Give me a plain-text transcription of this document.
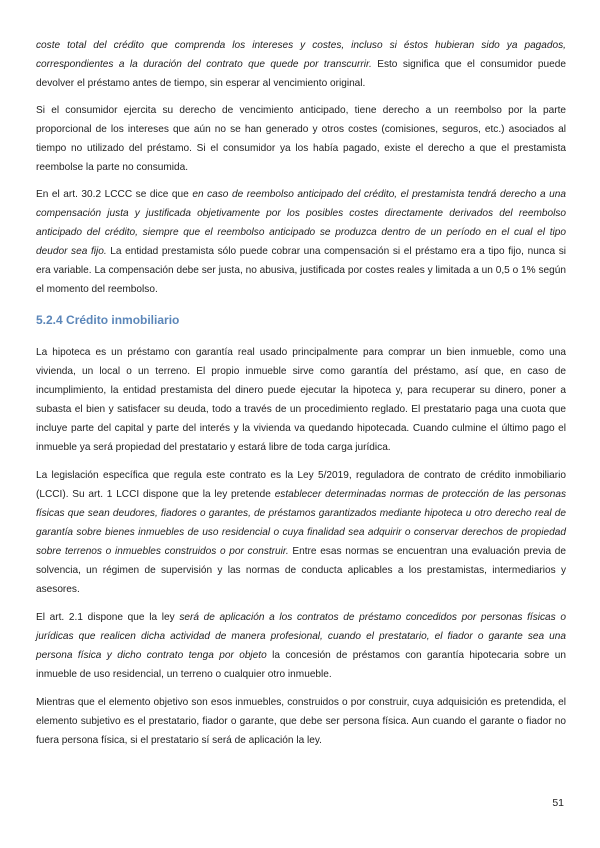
coste total del crédito que comprenda los intereses y costes, incluso si éstos hubieran sido ya pagados, correspondientes a la duración del contrato que quede por transcurrir. Esto significa que el consumidor puede devolver el préstamo antes de tiempo, sin esperar al vencimiento original.

Si el consumidor ejercita su derecho de vencimiento anticipado, tiene derecho a un reembolso por la parte proporcional de los intereses que aún no se han generado y otros costes (comisiones, seguros, etc.) asociados al tiempo no utilizado del préstamo. Si el consumidor ya los había pagado, existe el derecho a que el prestamista reembolse la parte no consumida.

En el art. 30.2 LCCC se dice que en caso de reembolso anticipado del crédito, el prestamista tendrá derecho a una compensación justa y justificada objetivamente por los posibles costes directamente derivados del reembolso anticipado del crédito, siempre que el reembolso anticipado se produzca dentro de un período en el cual el tipo deudor sea fijo. La entidad prestamista sólo puede cobrar una compensación si el préstamo era a tipo fijo, nunca si era variable. La compensación debe ser justa, no abusiva, justificada por costes reales y limitada a un 0,5 o 1% según el momento del reembolso.

5.2.4 Crédito inmobiliario

La hipoteca es un préstamo con garantía real usado principalmente para comprar un bien inmueble, como una vivienda, un local o un terreno. El propio inmueble sirve como garantía del préstamo, así que, en caso de incumplimiento, la entidad prestamista del dinero puede ejecutar la hipoteca y, para recuperar su dinero, poner a subasta el bien y satisfacer su deuda, todo a través de un procedimiento reglado. El prestatario paga una cuota que incluye parte del capital y parte del interés y la vivienda va quedando hipotecada. Cuando culmine el último pago el inmueble ya será propiedad del prestatario y estará libre de toda carga jurídica.

La legislación específica que regula este contrato es la Ley 5/2019, reguladora de contrato de crédito inmobiliario (LCCI). Su art. 1 LCCI dispone que la ley pretende establecer determinadas normas de protección de las personas físicas que sean deudores, fiadores o garantes, de préstamos garantizados mediante hipoteca u otro derecho real de garantía sobre bienes inmuebles de uso residencial o cuya finalidad sea adquirir o conservar derechos de propiedad sobre terrenos o inmuebles construidos o por construir. Entre esas normas se encuentran una evaluación previa de solvencia, un régimen de supervisión y las normas de conducta aplicables a los prestamistas, intermediarios y asesores.

El art. 2.1 dispone que la ley será de aplicación a los contratos de préstamo concedidos por personas físicas o jurídicas que realicen dicha actividad de manera profesional, cuando el prestatario, el fiador o garante sea una persona física y dicho contrato tenga por objeto la concesión de préstamos con garantía hipotecaria sobre un inmueble de uso residencial, un terreno o cualquier otro inmueble.

Mientras que el elemento objetivo son esos inmuebles, construidos o por construir, cuya adquisición es pretendida, el elemento subjetivo es el prestatario, fiador o garante, que debe ser persona física. Aun cuando el garante o fiador no fuera persona física, si el prestatario sí será de aplicación la ley.

51
